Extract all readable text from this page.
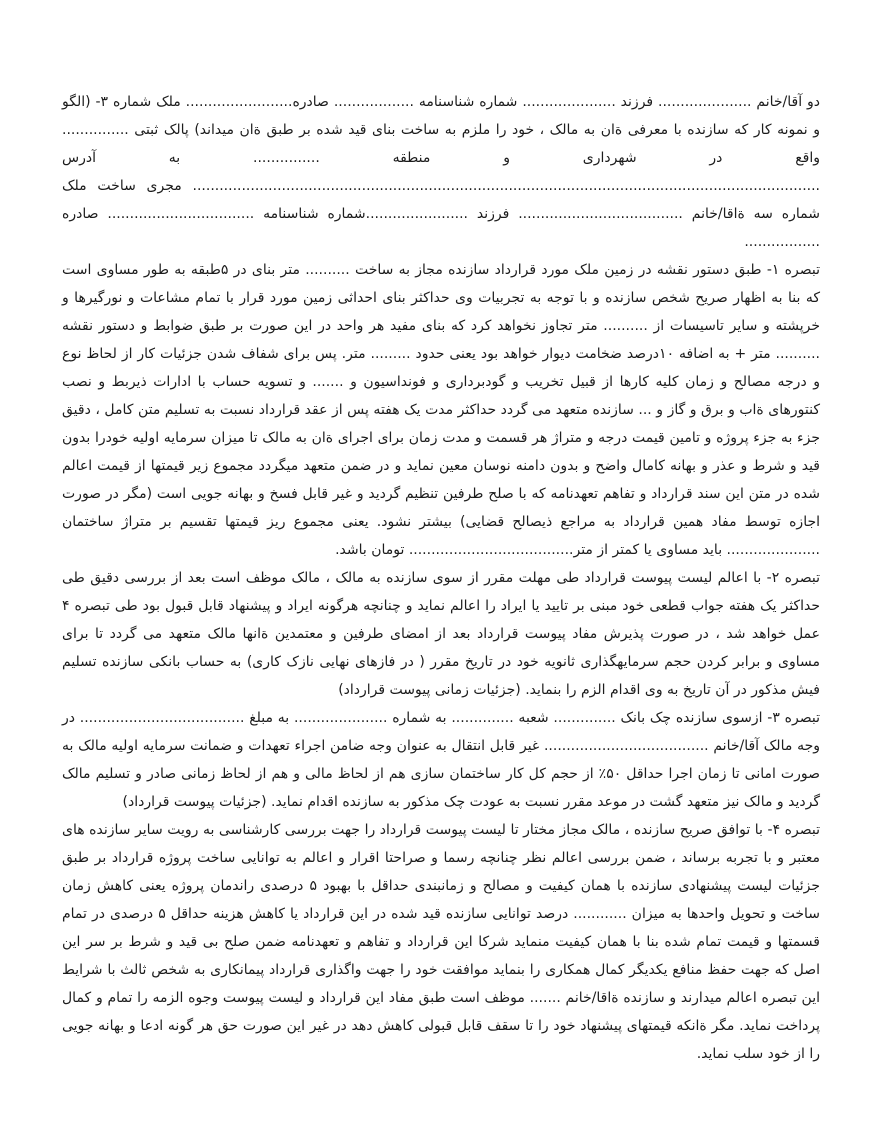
دو آقا/خانم ..................... فرزند ..................... شماره شناسنامه .................. صادره........................ ملک شماره ۳- (الگو و نمونه کار که سازنده با معرفی ةان به مالک ، خود را ملزم به ساخت بنای قید شده بر طبق ةان میداند) پالک ثبتی ............... واقع در شهرداری و منطقه ............... به آدرس ............................................................................................................................................. مجری ساخت ملک شماره سه ةاقا/خانم ..................................... فرزند .......................شماره شناسنامه ................................. صادره .................

تبصره ۱- طبق دستور نقشه در زمین ملک مورد قرارداد سازنده مجاز به ساخت .......... متر بنای در ۵طبقه به طور مساوی است که بنا به اظهار صریح شخص سازنده و با توجه به تجربیات وی حداکثر بنای احداثی زمین مورد قرار با تمام مشاعات و نورگیرها و خرپشته و سایر تاسیسات از .......... متر تجاوز نخواهد کرد که بنای مفید هر واحد در این صورت بر طبق ضوابط و دستور نقشه .......... متر + به اضافه ۱۰درصد ضخامت دیوار خواهد بود یعنی حدود ......... متر. پس برای شفاف شدن جزئیات کار از لحاظ نوع و درجه مصالح و زمان کلیه کارها از قبیل تخریب و گودبرداری و فونداسیون و ....... و تسویه حساب با ادارات ذیربط و نصب کنتورهای ةاب و برق و گاز و ... سازنده متعهد می گردد حداکثر مدت یک هفته پس از عقد قرارداد نسبت به تسلیم متن کامل ، دقیق جزء به جزء پروژه و تامین قیمت درجه و متراژ هر قسمت و مدت زمان برای اجرای ةان به مالک تا میزان سرمایه اولیه خودرا بدون قید و شرط و عذر و بهانه کامال واضح و بدون دامنه نوسان معین نماید و در ضمن متعهد میگردد مجموع زیر قیمتها از قیمت اعالم شده در متن این سند قرارداد و تفاهم تعهدنامه که با صلح طرفین تنظیم گردید و غیر قابل فسخ و بهانه جویی است (مگر در صورت اجازه توسط مفاد همین قرارداد به مراجع ذیصالح قضایی) بیشتر نشود. یعنی مجموع ریز قیمتها تقسیم بر متراژ ساختمان ..................... باید مساوی یا کمتر از متر..................................... تومان باشد.

تبصره ۲- با اعالم لیست پیوست قرارداد طی مهلت مقرر از سوی سازنده به مالک ، مالک موظف است بعد از بررسی دقیق طی حداکثر یک هفته جواب قطعی خود مبنی بر تایید یا ایراد را اعالم نماید و چنانچه هرگونه ایراد و پیشنهاد قابل قبول بود طی تبصره ۴ عمل خواهد شد ، در صورت پذیرش مفاد پیوست قرارداد بعد از امضای طرفین و معتمدین ةانها مالک متعهد می گردد تا برای مساوی و برابر کردن حجم سرمایهگذاری ثانویه خود در تاریخ مقرر ( در فازهای نهایی نازک کاری) به حساب بانکی سازنده تسلیم فیش مذکور در آن تاریخ به وی اقدام الزم را بنماید. (جزئیات زمانی پیوست قرارداد)

تبصره ۳- ازسوی سازنده چک بانک .............. شعبه .............. به شماره ..................... به مبلغ ..................................... در وجه مالک آقا/خانم ..................................... غیر قابل انتقال به عنوان وجه ضامن اجراء تعهدات و ضمانت سرمایه اولیه مالک به صورت امانی تا زمان اجرا حداقل ۵۰٪ از حجم کل کار ساختمان سازی هم از لحاظ مالی و هم از لحاظ زمانی صادر و تسلیم مالک گردید و مالک نیز متعهد گشت در موعد مقرر نسبت به عودت چک مذکور به سازنده اقدام نماید. (جزئیات پیوست قرارداد)

تبصره ۴- با توافق صریح سازنده ، مالک مجاز مختار تا لیست پیوست قرارداد را جهت بررسی کارشناسی به رویت سایر سازنده های معتبر و با تجربه برساند ، ضمن بررسی اعالم نظر چنانچه رسما و صراحتا اقرار و اعالم به توانایی ساخت پروژه قرارداد بر طبق جزئیات لیست پیشنهادی سازنده با همان کیفیت و مصالح و زمانبندی حداقل با بهبود ۵ درصدی راندمان پروژه یعنی کاهش زمان ساخت و تحویل واحدها به میزان ............ درصد توانایی سازنده قید شده در این قرارداد یا کاهش هزینه حداقل ۵ درصدی در تمام قسمتها و قیمت تمام شده بنا با همان کیفیت منماید شرکا این قرارداد و تفاهم و تعهدنامه ضمن صلح بی قید و شرط بر سر این اصل که جهت حفظ منافع یکدیگر کمال همکاری را بنماید موافقت خود را جهت واگذاری قرارداد پیمانکاری به شخص ثالث با شرایط این تبصره اعالم میدارند و سازنده ةاقا/خانم ....... موظف است طبق مفاد این قرارداد و لیست پیوست وجوه الزمه را تمام و کمال پرداخت نماید. مگر ةانکه قیمتهای پیشنهاد خود را تا سقف قابل قبولی کاهش دهد در غیر این صورت حق هر گونه ادعا و بهانه جویی را از خود سلب نماید.
